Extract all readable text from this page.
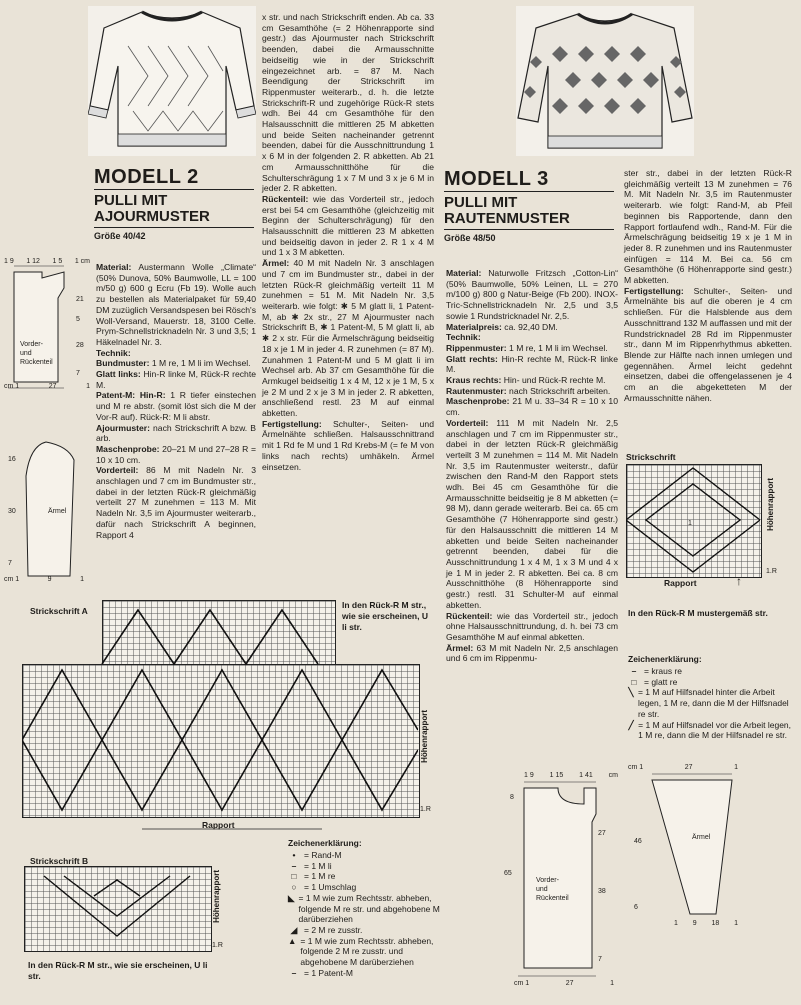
MODELL 2
PULLI MIT
AJOURMUSTER
Größe 40/42

Material: Austermann Wolle „Climate“ (50% Dunova, 50% Baumwolle, LL = 100 m/50 g) 600 g Ecru (Fb 19). Wolle auch zu bestellen als Materialpaket für 59,40 DM zuzüglich Versandspesen bei Rösch's Woll-Versand, Mauerstr. 18, 3100 Celle. Prym-Schnellstricknadeln Nr. 3 und 3,5; 1 Häkelnadel Nr. 3.

Technik:

Bundmuster: 1 M re, 1 M li im Wechsel.

Glatt links: Hin-R linke M, Rück-R rechte M.

Patent-M: Hin-R: 1 R tiefer einstechen und M re abstr. (somit löst sich die M der Vor-R auf). Rück-R: M li abstr.

Ajourmuster: nach Strickschrift A bzw. B arb.

Maschenprobe: 20–21 M und 27–28 R = 10 x 10 cm.

Vorderteil: 86 M mit Nadeln Nr. 3 anschlagen und 7 cm im Bundmuster str., dabei in der letzten Rück-R gleichmäßig verteilt 27 M zunehmen = 113 M. Mit Nadeln Nr. 3,5 im Ajourmuster weiterarb., dafür nach Strickschrift A beginnen, Rapport 4

x str. und nach Strickschrift enden. Ab ca. 33 cm Gesamthöhe (= 2 Höhenrapporte sind gestr.) das Ajourmuster nach Strickschrift beenden, dabei die Armausschnitte beidseitig wie in der Strickschrift eingezeichnet arb. = 87 M. Nach Beendigung der Strickschrift im Rippenmuster weiterarb., d. h. die letzte Strickschrift-R und zugehörige Rück-R stets wdh. Bei 44 cm Gesamthöhe für den Halsausschnitt die mittleren 25 M abketten und beide Seiten nacheinander getrennt beenden, dabei für die Ausschnittrundung 1 x 6 M in der folgenden 2. R abketten. Ab 21 cm Armausschnitthöhe für die Schulterschrägung 1 x 7 M und 3 x je 6 M in jeder 2. R abketten.

Rückenteil: wie das Vorderteil str., jedoch erst bei 54 cm Gesamthöhe (gleichzeitig mit Beginn der Schulterschrägung) für den Halsausschnitt die mittleren 23 M abketten und beidseitig davon in jeder 2. R 1 x 4 M und 1 x 3 M abketten.

Ärmel: 40 M mit Nadeln Nr. 3 anschlagen und 7 cm im Bundmuster str., dabei in der letzten Rück-R gleichmäßig verteilt 11 M zunehmen = 51 M. Mit Nadeln Nr. 3,5 weiterarb. wie folgt: ✱ 5 M glatt li, 1 Patent-M, ab ✱ 2x str., 27 M Ajourmuster nach Strickschrift B, ✱ 1 Patent-M, 5 M glatt li, ab ✱ 2 x str. Für die Ärmelschrägung beidseitig 18 x je 1 M in jeder 4. R zunehmen (= 87 M). Zunahmen 1 Patent-M und 5 M glatt li im Wechsel arb. Ab 37 cm Gesamthöhe für die Armkugel beidseitig 1 x 4 M, 12 x je 1 M, 5 x je 2 M und 2 x je 3 M in jeder 2. R abketten, anschließend restl. 23 M auf einmal abketten.

Fertigstellung: Schulter-, Seiten- und Ärmelnähte schließen. Halsausschnittrand mit 1 Rd fe M und 1 Rd Krebs-M (= fe M von links nach rechts) umhäkeln. Ärmel einsetzen.

1 9 1 12 1 5 1 cm
21
5
28
7
Vorder-
und
Rückenteil
cm 1	27	1
16
30
7
Ärmel
cm 1	9	1
Strickschrift A
Höhenrapport
1.R
Rapport
In den Rück-R M str., wie sie erscheinen, U li str.
Strickschrift B
Höhenrapport
1.R
In den Rück-R M str., wie sie erscheinen, U li str.
Zeichenerklärung:
•	= Rand-M
– = 1 M li
□ = 1 M re
○ = 1 Umschlag
◣ = 1 M wie zum Rechtsstr. abheben, folgende M re str. und abgehobene M darüberziehen
◢ = 2 M re zusstr.
▲ = 1 M wie zum Rechtsstr. abheben, folgende 2 M re zusstr. und abgehobene M darüberziehen
– = 1 Patent-M
MODELL 3
PULLI MIT
RAUTENMUSTER
Größe 48/50

Material: Naturwolle Fritzsch „Cotton-Lin“ (50% Baumwolle, 50% Leinen, LL = 270 m/100 g) 800 g Natur-Beige (Fb 200). INOX-Tric-Schnellstricknadeln Nr. 2,5 und 3,5 sowie 1 Rundstricknadel Nr. 2,5.

Materialpreis: ca. 92,40 DM.

Technik:

Rippenmuster: 1 M re, 1 M li im Wechsel.

Glatt rechts: Hin-R rechte M, Rück-R linke M.

Kraus rechts: Hin- und Rück-R rechte M.

Rautenmuster: nach Strickschrift arbeiten.

Maschenprobe: 21 M u. 33–34 R = 10 x 10 cm.

Vorderteil: 111 M mit Nadeln Nr. 2,5 anschlagen und 7 cm im Rippenmuster str., dabei in der letzten Rück-R gleichmäßig verteilt 3 M zunehmen = 114 M. Mit Nadeln Nr. 3,5 im Rautenmuster weiterstr., dafür zwischen den Rand-M den Rapport stets wdh. Bei 45 cm Gesamthöhe für die Armausschnitte beidseitig je 8 M abketten (= 98 M), dann gerade weiterarb. Bei ca. 65 cm Gesamthöhe (7 Höhenrapporte sind gestr.) für den Halsausschnitt die mittleren 14 M abketten und beide Seiten nacheinander getrennt beenden, dabei für die Ausschnittrundung 1 x 4 M, 1 x 3 M und 4 x je 1 M in jeder 2. R abketten. Bei ca. 8 cm Ausschnitthöhe (8 Höhenrapporte sind gestr.) restl. 31 Schulter-M auf einmal abketten.

Rückenteil: wie das Vorderteil str., jedoch ohne Halsausschnittrundung, d. h. bei 73 cm Gesamthöhe M auf einmal abketten.

Ärmel: 63 M mit Nadeln Nr. 2,5 anschlagen und 6 cm im Rippenmu-

ster str., dabei in der letzten Rück-R gleichmäßig verteilt 13 M zunehmen = 76 M. Mit Nadeln Nr. 3,5 im Rautenmuster weiterarb. wie folgt: Rand-M, ab Pfeil beginnen bis Rapportende, dann den Rapport fortlaufend wdh., Rand-M. Für die Ärmelschrägung beidseitig 19 x je 1 M in jeder 8. R zunehmen und ins Rautenmuster einfügen = 114 M. Bei ca. 56 cm Gesamthöhe (6 Höhenrapporte sind gestr.) M abketten.

Fertigstellung: Schulter-, Seiten- und Ärmelnähte bis auf die oberen je 4 cm schließen. Für die Halsblende aus dem Ausschnittrand 132 M auffassen und mit der Rundstricknadel 28 Rd im Rippenmuster str., dann M im Rippenrhythmus abketten. Blende zur Hälfte nach innen umlegen und gegennähen. Ärmel leicht gedehnt einsetzen, dabei die offengelassenen je 4 cm an die abgeketteten M der Armausschnitte nähen.

Strickschrift
1	Höhenrapport
1.R
Rapport	↑
In den Rück-R M mustergemäß str.
Zeichenerklärung:
– = kraus re
□ = glatt re
╲ = 1 M auf Hilfsnadel hinter die Arbeit legen, 1 M re, dann die M der Hilfsnadel re str.
╱ = 1 M auf Hilfsnadel vor die Arbeit legen, 1 M re, dann die M der Hilfsnadel re str.
1 9 1 15 1 41 cm
8
27
38
7
65
Vorder-
und
Rückenteil
cm 1	27	1
cm 1	27	1
46
6
Ärmel
1 9 18 1
